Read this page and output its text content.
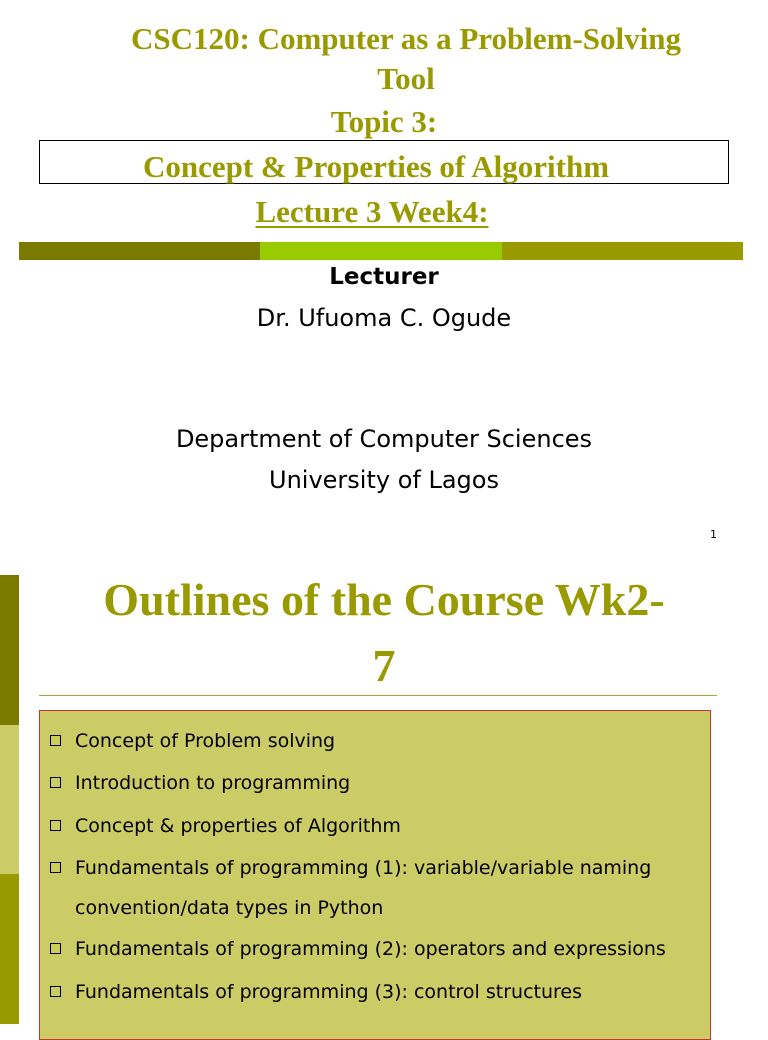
CSC120: Computer as a Problem-Solving
Tool
Topic 3:
Concept & Properties of Algorithm
Lecture 3 Week4:
Lecturer
Dr. Ufuoma C. Ogude
Department of Computer Sciences
University of Lagos
1
Outlines of the Course Wk2-
7
Concept of Problem solving
Introduction to programming
Concept & properties of Algorithm
Fundamentals of programming (1): variable/variable naming convention/data types in Python
Fundamentals of programming (2): operators and expressions
Fundamentals of programming (3): control structures
